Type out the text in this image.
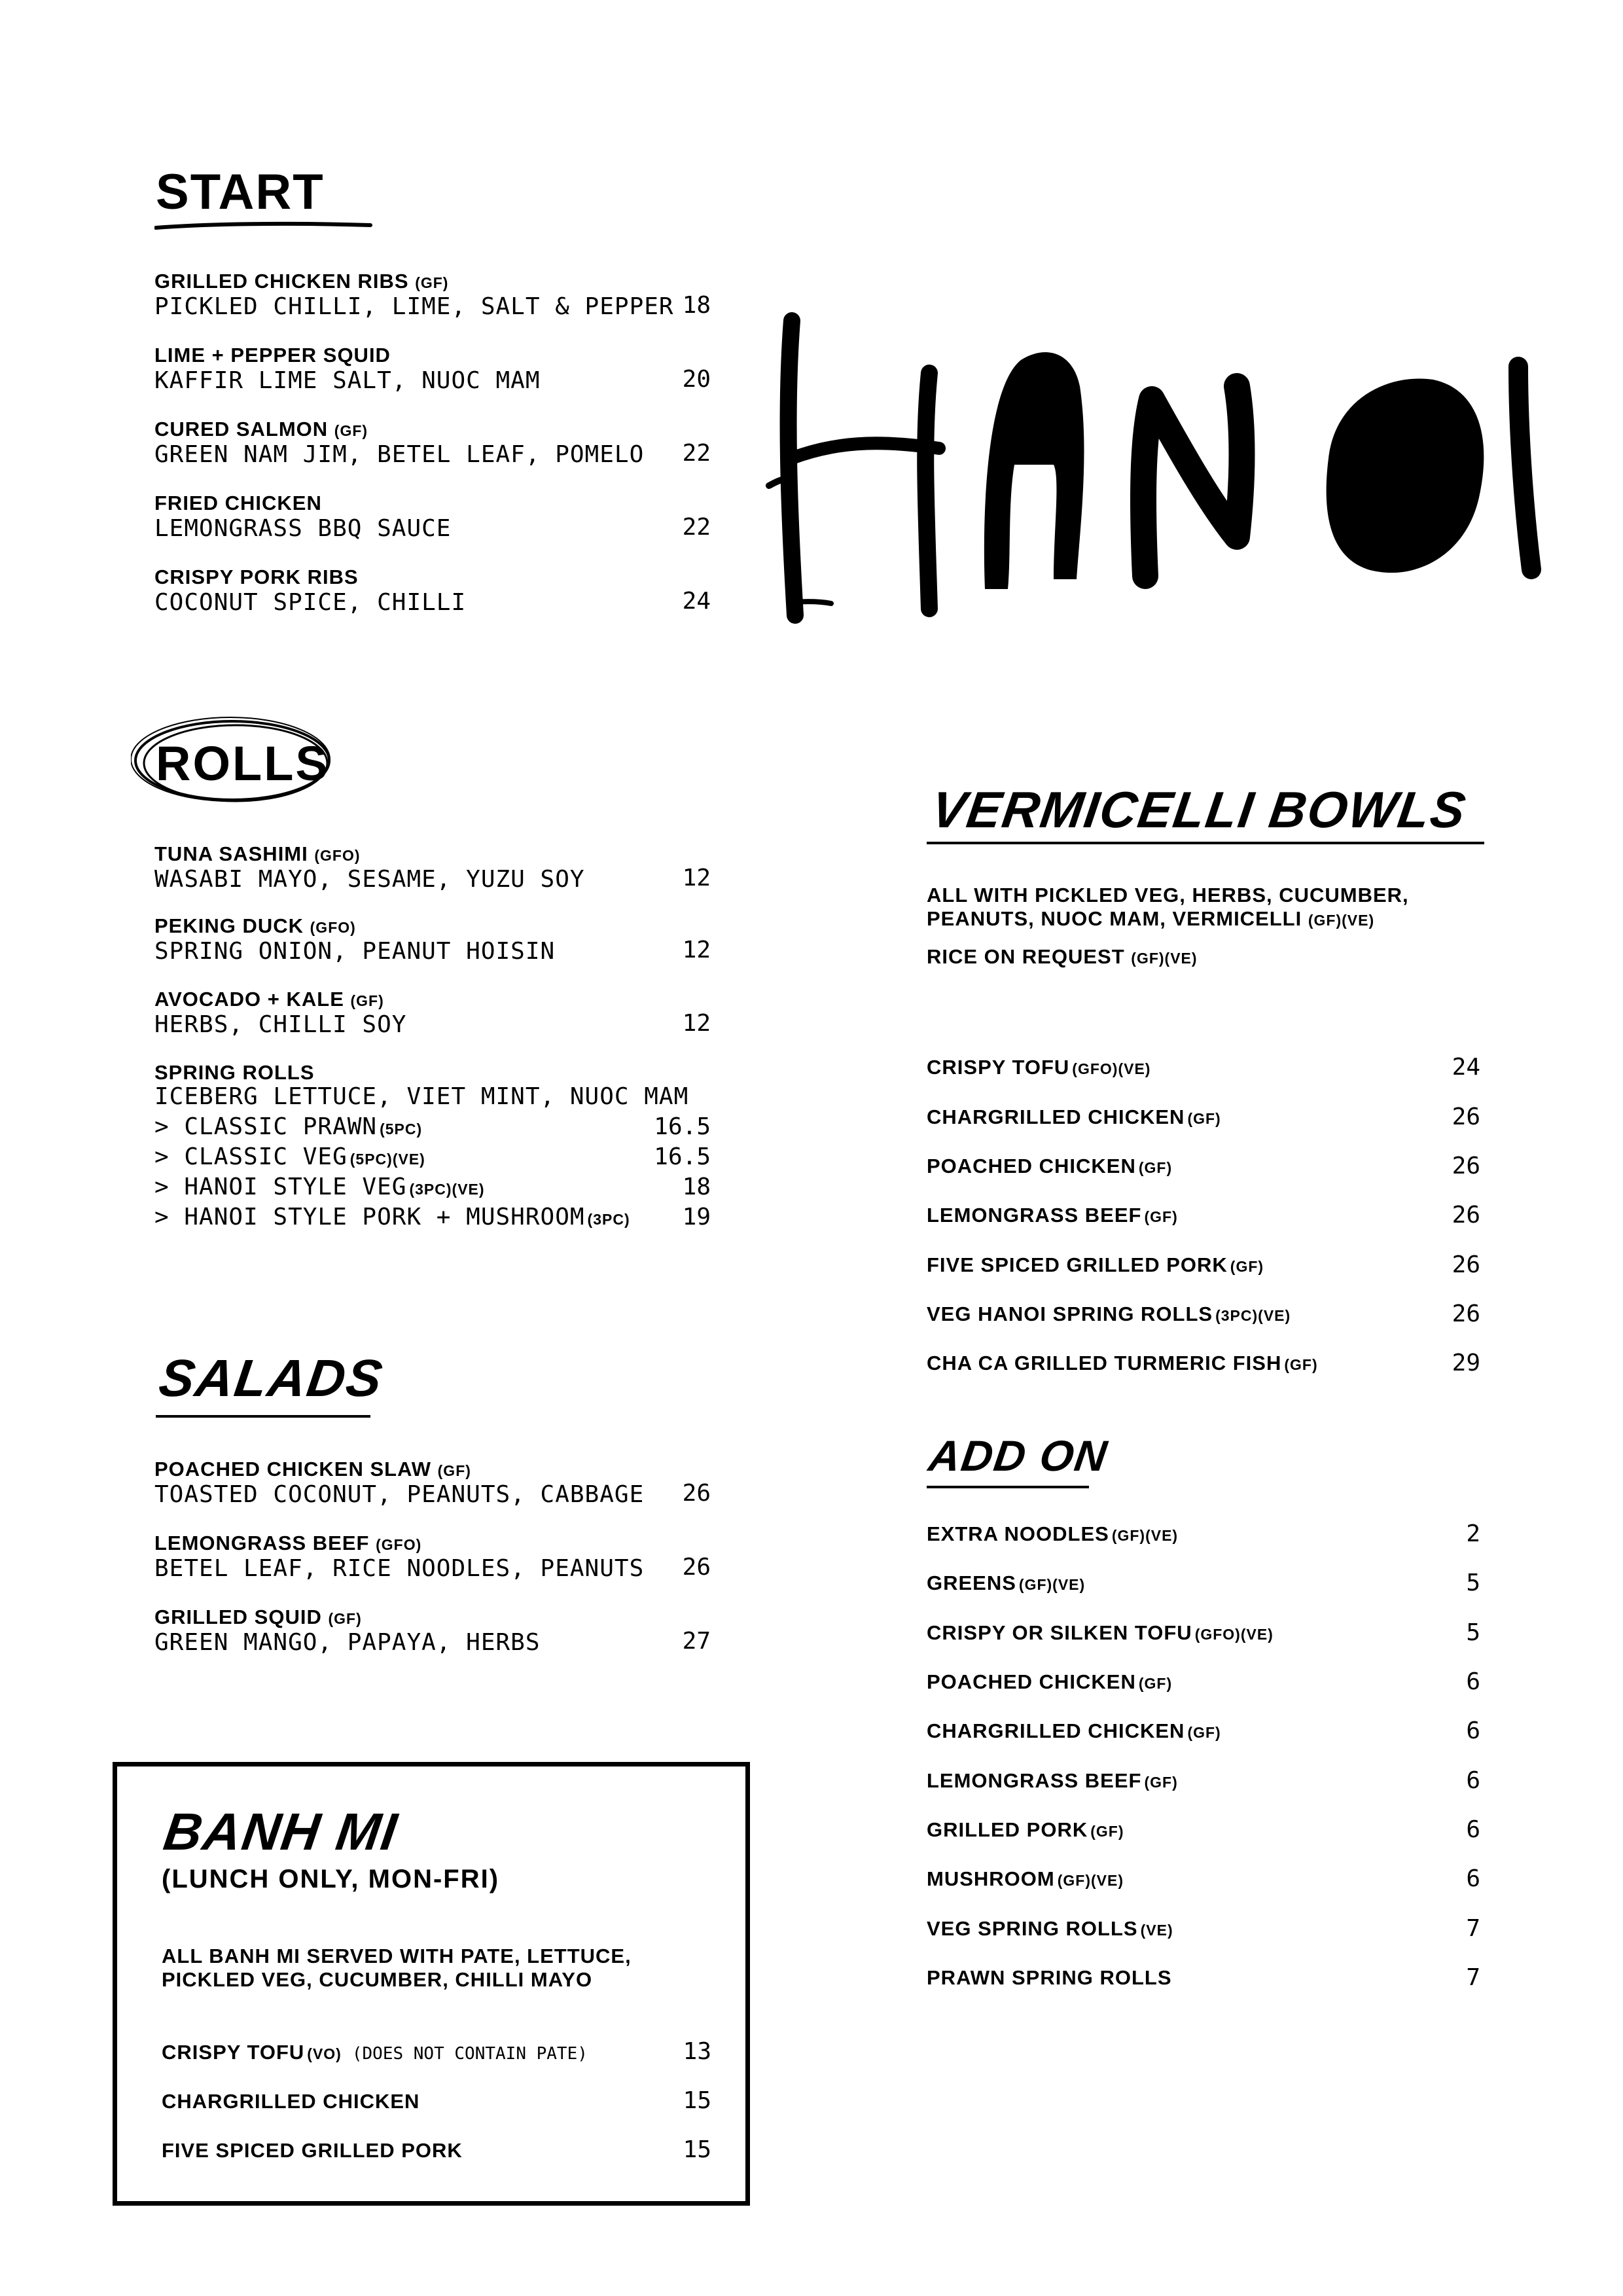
START
GRILLED CHICKEN RIBS (GF)
PICKLED CHILLI, LIME, SALT & PEPPER 18
LIME + PEPPER SQUID
KAFFIR LIME SALT, NUOC MAM	20
CURED SALMON (GF)
GREEN NAM JIM, BETEL LEAF, POMELO	22
FRIED CHICKEN
LEMONGRASS BBQ SAUCE	22
CRISPY PORK RIBS
COCONUT SPICE, CHILLI	24
ROLLS
TUNA SASHIMI (GFO)
WASABI MAYO, SESAME, YUZU SOY	12
PEKING DUCK (GFO)
SPRING ONION, PEANUT HOISIN	12
AVOCADO + KALE (GF)
HERBS, CHILLI SOY	12
SPRING ROLLS
ICEBERG LETTUCE, VIET MINT, NUOC MAM
> CLASSIC PRAWN (5PC)	16.5
> CLASSIC VEG (5PC)(VE)	16.5
> HANOI STYLE VEG (3PC)(VE)	18
> HANOI STYLE PORK + MUSHROOM (3PC) 19
SALADS
POACHED CHICKEN SLAW (GF)
TOASTED COCONUT, PEANUTS, CABBAGE	26
LEMONGRASS BEEF (GFO)
BETEL LEAF, RICE NOODLES, PEANUTS	26
GRILLED SQUID (GF)
GREEN MANGO, PAPAYA, HERBS	27
BANH MI
(LUNCH ONLY, MON-FRI)
ALL BANH MI SERVED WITH PATE, LETTUCE,
PICKLED VEG, CUCUMBER, CHILLI MAYO
CRISPY TOFU (VO) (DOES NOT CONTAIN PATE)	13
CHARGRILLED CHICKEN	15
FIVE SPICED GRILLED PORK	15
VERMICELLI BOWLS
ALL WITH PICKLED VEG, HERBS, CUCUMBER,
PEANUTS, NUOC MAM, VERMICELLI (GF)(VE)
RICE ON REQUEST (GF)(VE)
CRISPY TOFU (GFO)(VE)	24
CHARGRILLED CHICKEN (GF)	26
POACHED CHICKEN (GF)	26
LEMONGRASS BEEF (GF)	26
FIVE SPICED GRILLED PORK (GF)	26
VEG HANOI SPRING ROLLS (3PC)(VE)	26
CHA CA GRILLED TURMERIC FISH (GF)	29
ADD ON
EXTRA NOODLES (GF)(VE)	2
GREENS (GF)(VE)	5
CRISPY OR SILKEN TOFU (GFO)(VE)	5
POACHED CHICKEN (GF)	6
CHARGRILLED CHICKEN (GF)	6
LEMONGRASS BEEF (GF)	6
GRILLED PORK (GF)	6
MUSHROOM (GF)(VE)	6
VEG SPRING ROLLS (VE)	7
PRAWN SPRING ROLLS	7
